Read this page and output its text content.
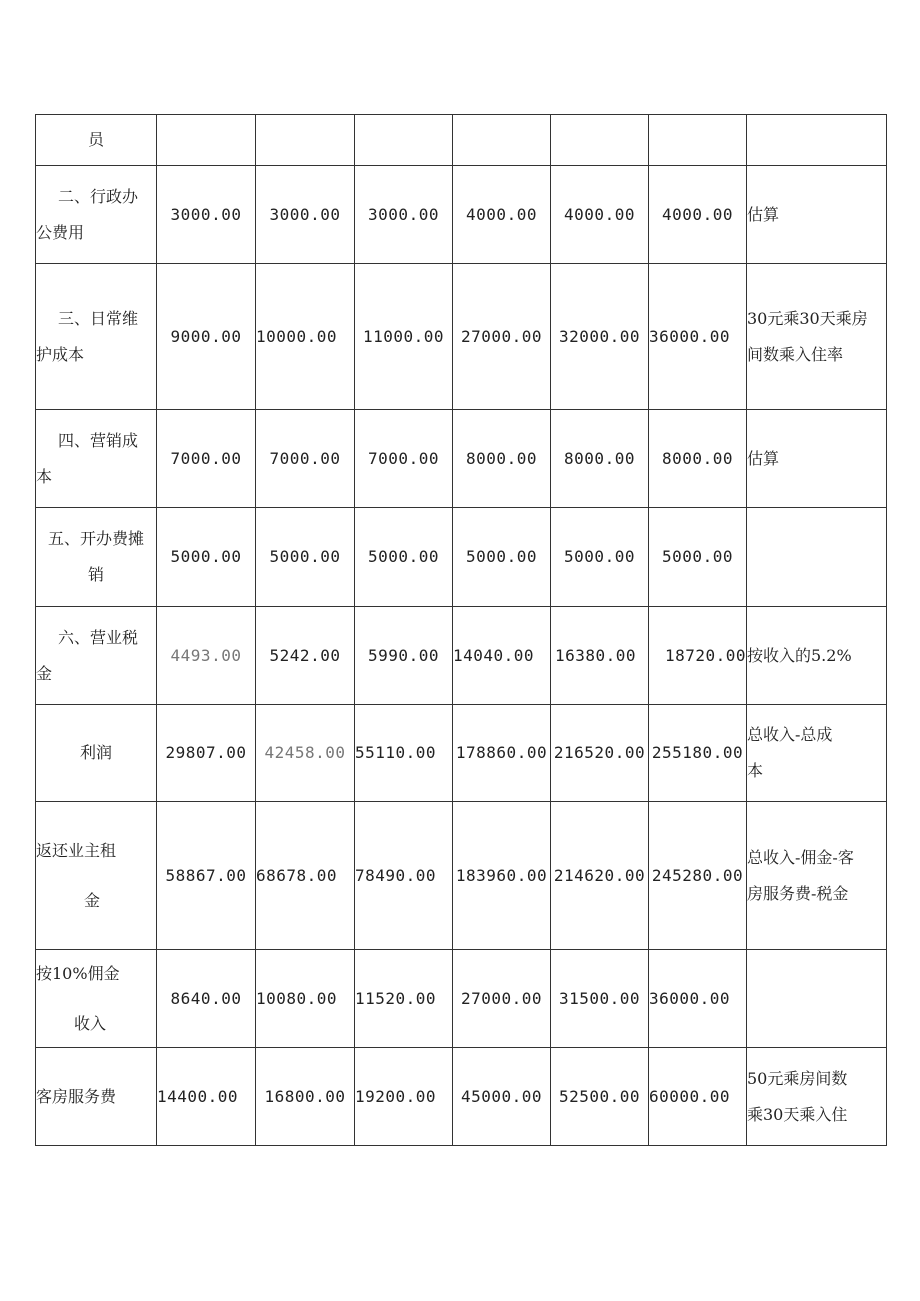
员							

二、行政办
公费用	3000.00	3000.00	3000.00	4000.00	4000.00	4000.00	估算

三、日常维
护成本	9000.00	10000.00	11000.00	27000.00	32000.00	36000.00	30元乘30天乘房
间数乘入住率

四、营销成
本	7000.00	7000.00	7000.00	8000.00	8000.00	8000.00	估算

五、开办费摊
销	5000.00	5000.00	5000.00	5000.00	5000.00	5000.00	

六、营业税
金	4493.00	5242.00	5990.00	14040.00	16380.00	18720.00	按收入的5.2%

利润	29807.00	42458.00	55110.00	178860.00	216520.00	255180.00	总收入-总成
本

返还业主租
金	58867.00	68678.00	78490.00	183960.00	214620.00	245280.00	总收入-佣金-客
房服务费-税金

按10%佣金
收入	8640.00	10080.00	11520.00	27000.00	31500.00	36000.00	

客房服务费	14400.00	16800.00	19200.00	45000.00	52500.00	60000.00	50元乘房间数
乘30天乘入住
